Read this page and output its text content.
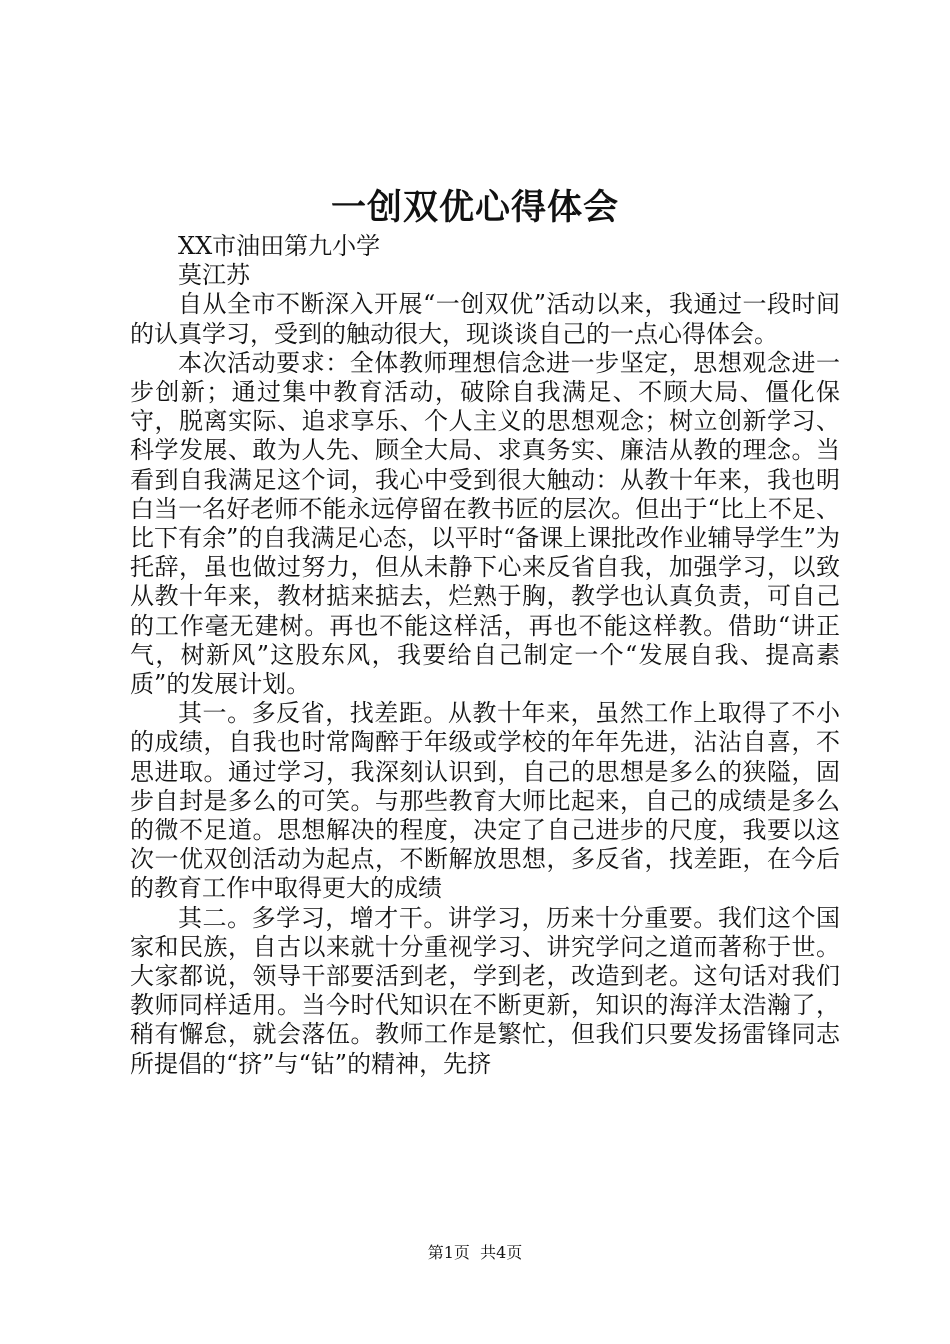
一创双优心得体会

XX市油田第九小学

莫江苏

自从全市不断深入开展“一创双优”活动以来，我通过一段时间的认真学习，受到的触动很大，现谈谈自己的一点心得体会。

本次活动要求：全体教师理想信念进一步坚定，思想观念进一步创新；通过集中教育活动，破除自我满足、不顾大局、僵化保守，脱离实际、追求享乐、个人主义的思想观念；树立创新学习、科学发展、敢为人先、顾全大局、求真务实、廉洁从教的理念。当看到自我满足这个词，我心中受到很大触动：从教十年来，我也明白当一名好老师不能永远停留在教书匠的层次。但出于“比上不足、比下有余”的自我满足心态，以平时“备课上课批改作业辅导学生”为托辞，虽也做过努力，但从未静下心来反省自我，加强学习，以致从教十年来，教材掂来掂去，烂熟于胸，教学也认真负责，可自己的工作毫无建树。再也不能这样活，再也不能这样教。借助“讲正气，树新风”这股东风，我要给自己制定一个“发展自我、提高素质”的发展计划。

其一。多反省，找差距。从教十年来，虽然工作上取得了不小的成绩，自我也时常陶醉于年级或学校的年年先进，沾沾自喜，不思进取。通过学习，我深刻认识到，自己的思想是多么的狭隘，固步自封是多么的可笑。与那些教育大师比起来，自己的成绩是多么的微不足道。思想解决的程度，决定了自己进步的尺度，我要以这次一优双创活动为起点，不断解放思想，多反省，找差距，在今后的教育工作中取得更大的成绩

其二。多学习，增才干。讲学习，历来十分重要。我们这个国家和民族，自古以来就十分重视学习、讲究学问之道而著称于世。大家都说，领导干部要活到老，学到老，改造到老。这句话对我们教师同样适用。当今时代知识在不断更新，知识的海洋太浩瀚了，稍有懈怠，就会落伍。教师工作是繁忙，但我们只要发扬雷锋同志所提倡的“挤”与“钻”的精神，先挤

第1页 共4页
